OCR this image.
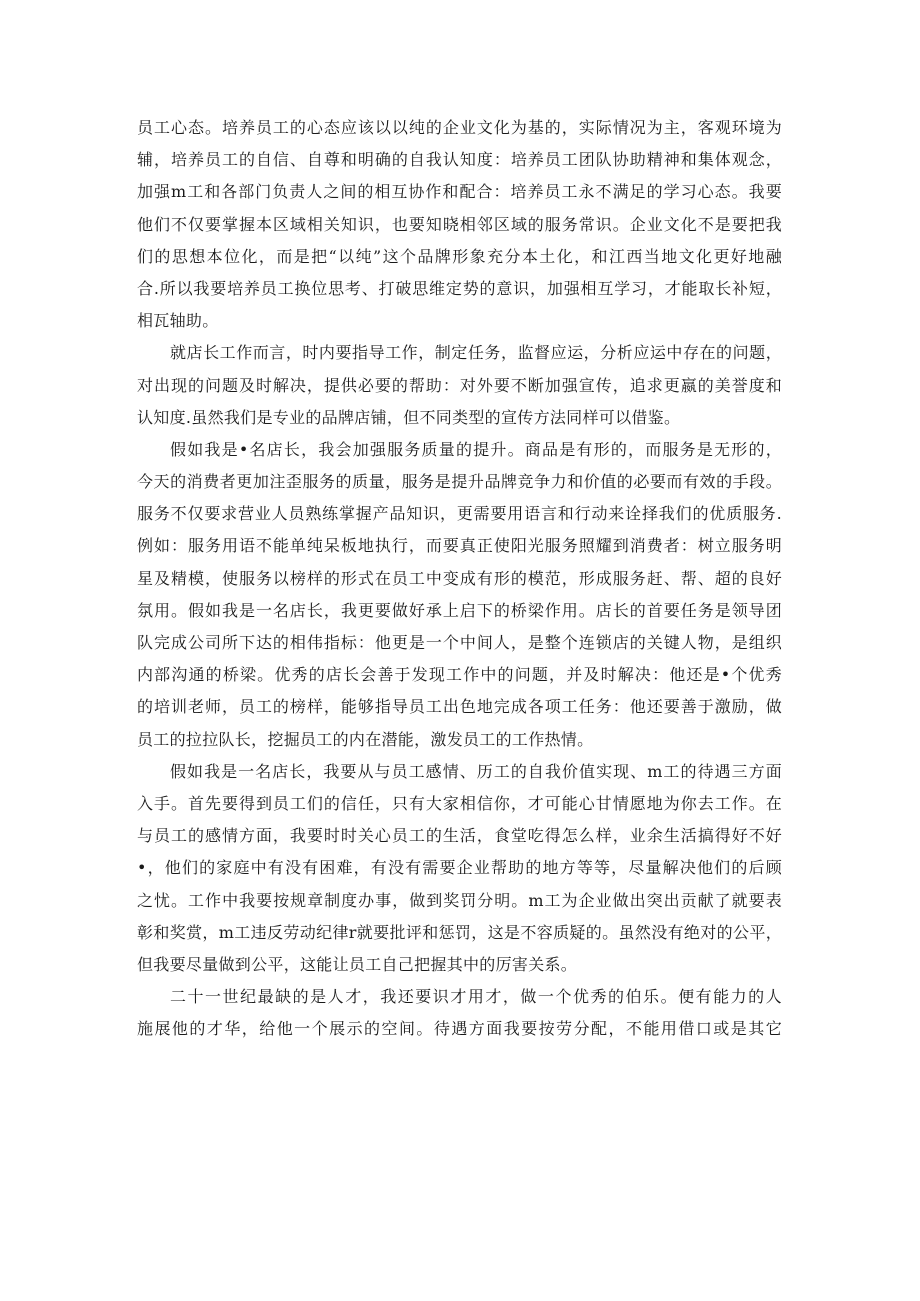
员工心态。培养员工的心态应该以以纯的企业文化为基的，实际情况为主，客观环境为
辅，培养员工的自信、自尊和明确的自我认知度：培养员工团队协助精神和集体观念，
加强m工和各部门负责人之间的相互协作和配合：培养员工永不满足的学习心态。我要
他们不仅要掌握本区域相关知识，也要知晓相邻区域的服务常识。企业文化不是要把我
们的思想本位化，而是把“以纯”这个品牌形象充分本土化，和江西当地文化更好地融
合.所以我要培养员工换位思考、打破思维定势的意识，加强相互学习，才能取长补短，
相瓦轴助。
就店长工作而言，时内要指导工作，制定任务，监督应运，分析应运中存在的问题，
对出现的问题及时解决，提供必要的帮助：对外要不断加强宣传，追求更嬴的美誉度和
认知度.虽然我们是专业的品牌店铺，但不同类型的宣传方法同样可以借鉴。
假如我是•名店长，我会加强服务质量的提升。商品是有形的，而服务是无形的，
今天的消费者更加注歪服务的质量，服务是提升品牌竞争力和价值的必要而有效的手段。
服务不仅要求营业人员熟练掌握产品知识，更需要用语言和行动来诠择我们的优质服务.
例如：服务用语不能单纯呆板地执行，而要真正使阳光服务照耀到消费者：树立服务明
星及精模，使服务以榜样的形式在员工中变成有形的模范，形成服务赶、帮、超的良好
氛用。假如我是一名店长，我更要做好承上启下的桥梁作用。店长的首要任务是领导团
队完成公司所下达的相伟指标：他更是一个中间人，是整个连锁店的关键人物，是组织
内部沟通的桥梁。优秀的店长会善于发现工作中的问题，并及时解决：他还是•个优秀
的培训老师，员工的榜样，能够指导员工出色地完成各项工任务：他还要善于激励，做
员工的拉拉队长，挖掘员工的内在潜能，激发员工的工作热情。
假如我是一名店长，我要从与员工感情、历工的自我价值实现、m工的待遇三方面
入手。首先要得到员工们的信任，只有大家相信你，才可能心甘情愿地为你去工作。在
与员工的感情方面，我要时时关心员工的生活，食堂吃得怎么样，业余生活搞得好不好
•，他们的家庭中有没有困难，有没有需要企业帮助的地方等等，尽量解决他们的后顾
之忧。工作中我要按规章制度办事，做到奖罚分明。m工为企业做出突出贡献了就要表
彰和奖赏，m工违反劳动纪律r就要批评和惩罚，这是不容质疑的。虽然没有绝对的公平，
但我要尽量做到公平，这能让员工自己把握其中的厉害关系。
二十一世纪最缺的是人才，我还要识才用才，做一个优秀的伯乐。便有能力的人
施展他的才华，给他一个展示的空间。待遇方面我要按劳分配，不能用借口或是其它
